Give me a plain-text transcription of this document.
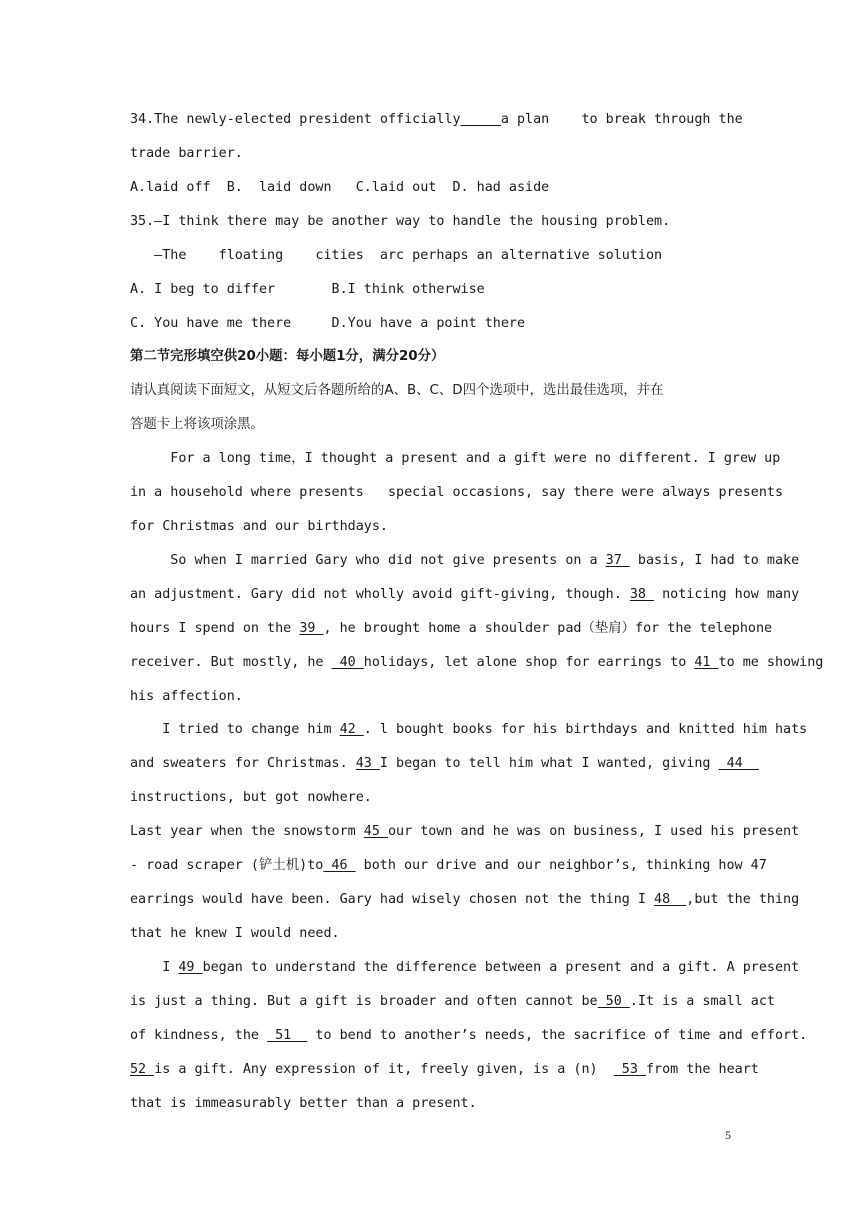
34.The newly-elected president officially_____a plan    to break through the
trade barrier.
A.laid off  B.  laid down   C.laid out  D. had aside
35.—I think there may be another way to handle the housing problem.
—The    floating    cities  arc perhaps an alternative solution
A. I beg to differ       B.I think otherwise
C. You have me there     D.You have a point there
第二节完形填空供20小题：每小题1分，满分20分）
请认真阅读下面短文，从短文后各题所给的A、B、C、D四个选项中，选出最佳选项，并在
答题卡上将该项涂黑。
For a long time，I thought a present and a gift were no different. I grew up
in a household where presents   special occasions, say there were always presents
for Christmas and our birthdays.
So when I married Gary who did not give presents on a 37  basis, I had to make
an adjustment. Gary did not wholly avoid gift-giving, though. 38  noticing how many
hours I spend on the 39 , he brought home a shoulder pad（垫肩）for the telephone
receiver. But mostly, he  40 holidays, let alone shop for earrings to 41 to me showing
his affection.
I tried to change him 42 . l bought books for his birthdays and knitted him hats
and sweaters for Christmas. 43 I began to tell him what I wanted, giving  44
instructions, but got nowhere.
Last year when the snowstorm 45 our town and he was on business, I used his present
- road scraper (铲土机)to 46  both our drive and our neighbor’s, thinking how 47
earrings would have been. Gary had wisely chosen not the thing I 48  ,but the thing
that he knew I would need.
I 49 began to understand the difference between a present and a gift. A present
is just a thing. But a gift is broader and often cannot be 50 .It is a small act
of kindness, the  51   to bend to another’s needs, the sacrifice of time and effort.
52 is a gift. Any expression of it, freely given, is a (n)   53 from the heart
that is immeasurably better than a present.
5
